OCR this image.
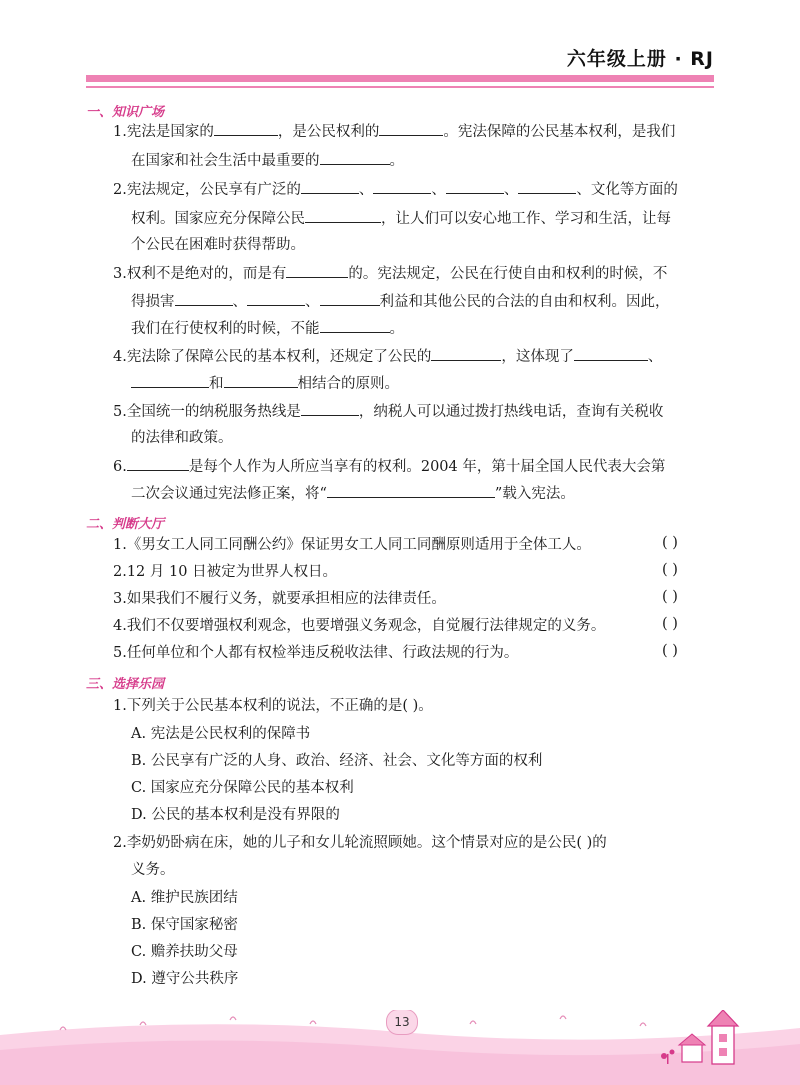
六年级上册 · RJ
一、知识广场
1.宪法是国家的	，是公民权利的	。宪法保障的公民基本权利，是我们
在国家和社会生活中最重要的	。
2.宪法规定，公民享有广泛的	、	、	、	、文化等方面的
权利。国家应充分保障公民	，让人们可以安心地工作、学习和生活，让每
个公民在困难时获得帮助。
3.权利不是绝对的，而是有	的。宪法规定，公民在行使自由和权利的时候，不
得损害	、	、	利益和其他公民的合法的自由和权利。因此，
我们在行使权利的时候，不能	。
4.宪法除了保障公民的基本权利，还规定了公民的	，这体现了	、
和	相结合的原则。
5.全国统一的纳税服务热线是	，纳税人可以通过拨打热线电话，查询有关税收
的法律和政策。
6.	是每个人作为人所应当享有的权利。2004 年，第十届全国人民代表大会第
二次会议通过宪法修正案，将“	”载入宪法。
二、判断大厅
1.《男女工人同工同酬公约》保证男女工人同工同酬原则适用于全体工人。	( )
2.12 月 10 日被定为世界人权日。	( )
3.如果我们不履行义务，就要承担相应的法律责任。	( )
4.我们不仅要增强权利观念，也要增强义务观念，自觉履行法律规定的义务。	( )
5.任何单位和个人都有权检举违反税收法律、行政法规的行为。	( )
三、选择乐园
1.下列关于公民基本权利的说法，不正确的是( )。
A. 宪法是公民权利的保障书
B. 公民享有广泛的人身、政治、经济、社会、文化等方面的权利
C. 国家应充分保障公民的基本权利
D. 公民的基本权利是没有界限的
2.李奶奶卧病在床，她的儿子和女儿轮流照顾她。这个情景对应的是公民( )的
义务。
A. 维护民族团结
B. 保守国家秘密
C. 赡养扶助父母
D. 遵守公共秩序
13
